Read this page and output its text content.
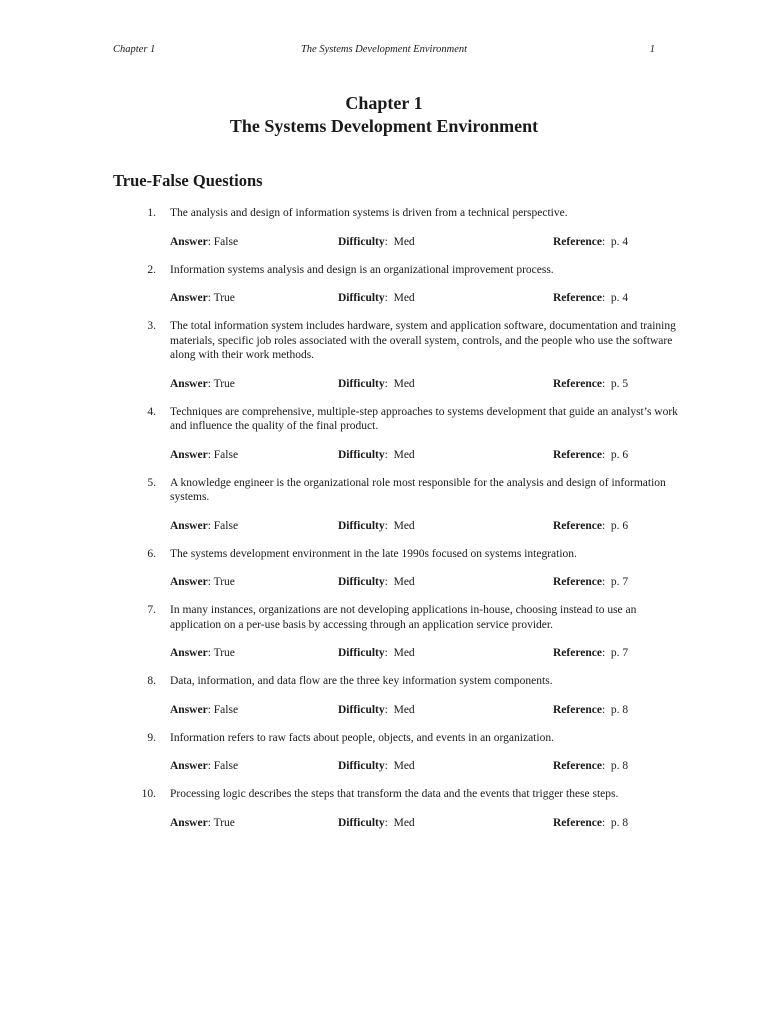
Chapter 1	The Systems Development Environment	1
Chapter 1
The Systems Development Environment
True-False Questions
1. The analysis and design of information systems is driven from a technical perspective.
Answer: False	Difficulty: Med	Reference: p. 4
2. Information systems analysis and design is an organizational improvement process.
Answer: True	Difficulty: Med	Reference: p. 4
3. The total information system includes hardware, system and application software, documentation and training materials, specific job roles associated with the overall system, controls, and the people who use the software along with their work methods.
Answer: True	Difficulty: Med	Reference: p. 5
4. Techniques are comprehensive, multiple-step approaches to systems development that guide an analyst’s work and influence the quality of the final product.
Answer: False	Difficulty: Med	Reference: p. 6
5. A knowledge engineer is the organizational role most responsible for the analysis and design of information systems.
Answer: False	Difficulty: Med	Reference: p. 6
6. The systems development environment in the late 1990s focused on systems integration.
Answer: True	Difficulty: Med	Reference: p. 7
7. In many instances, organizations are not developing applications in-house, choosing instead to use an application on a per-use basis by accessing through an application service provider.
Answer: True	Difficulty: Med	Reference: p. 7
8. Data, information, and data flow are the three key information system components.
Answer: False	Difficulty: Med	Reference: p. 8
9. Information refers to raw facts about people, objects, and events in an organization.
Answer: False	Difficulty: Med	Reference: p. 8
10. Processing logic describes the steps that transform the data and the events that trigger these steps.
Answer: True	Difficulty: Med	Reference: p. 8
